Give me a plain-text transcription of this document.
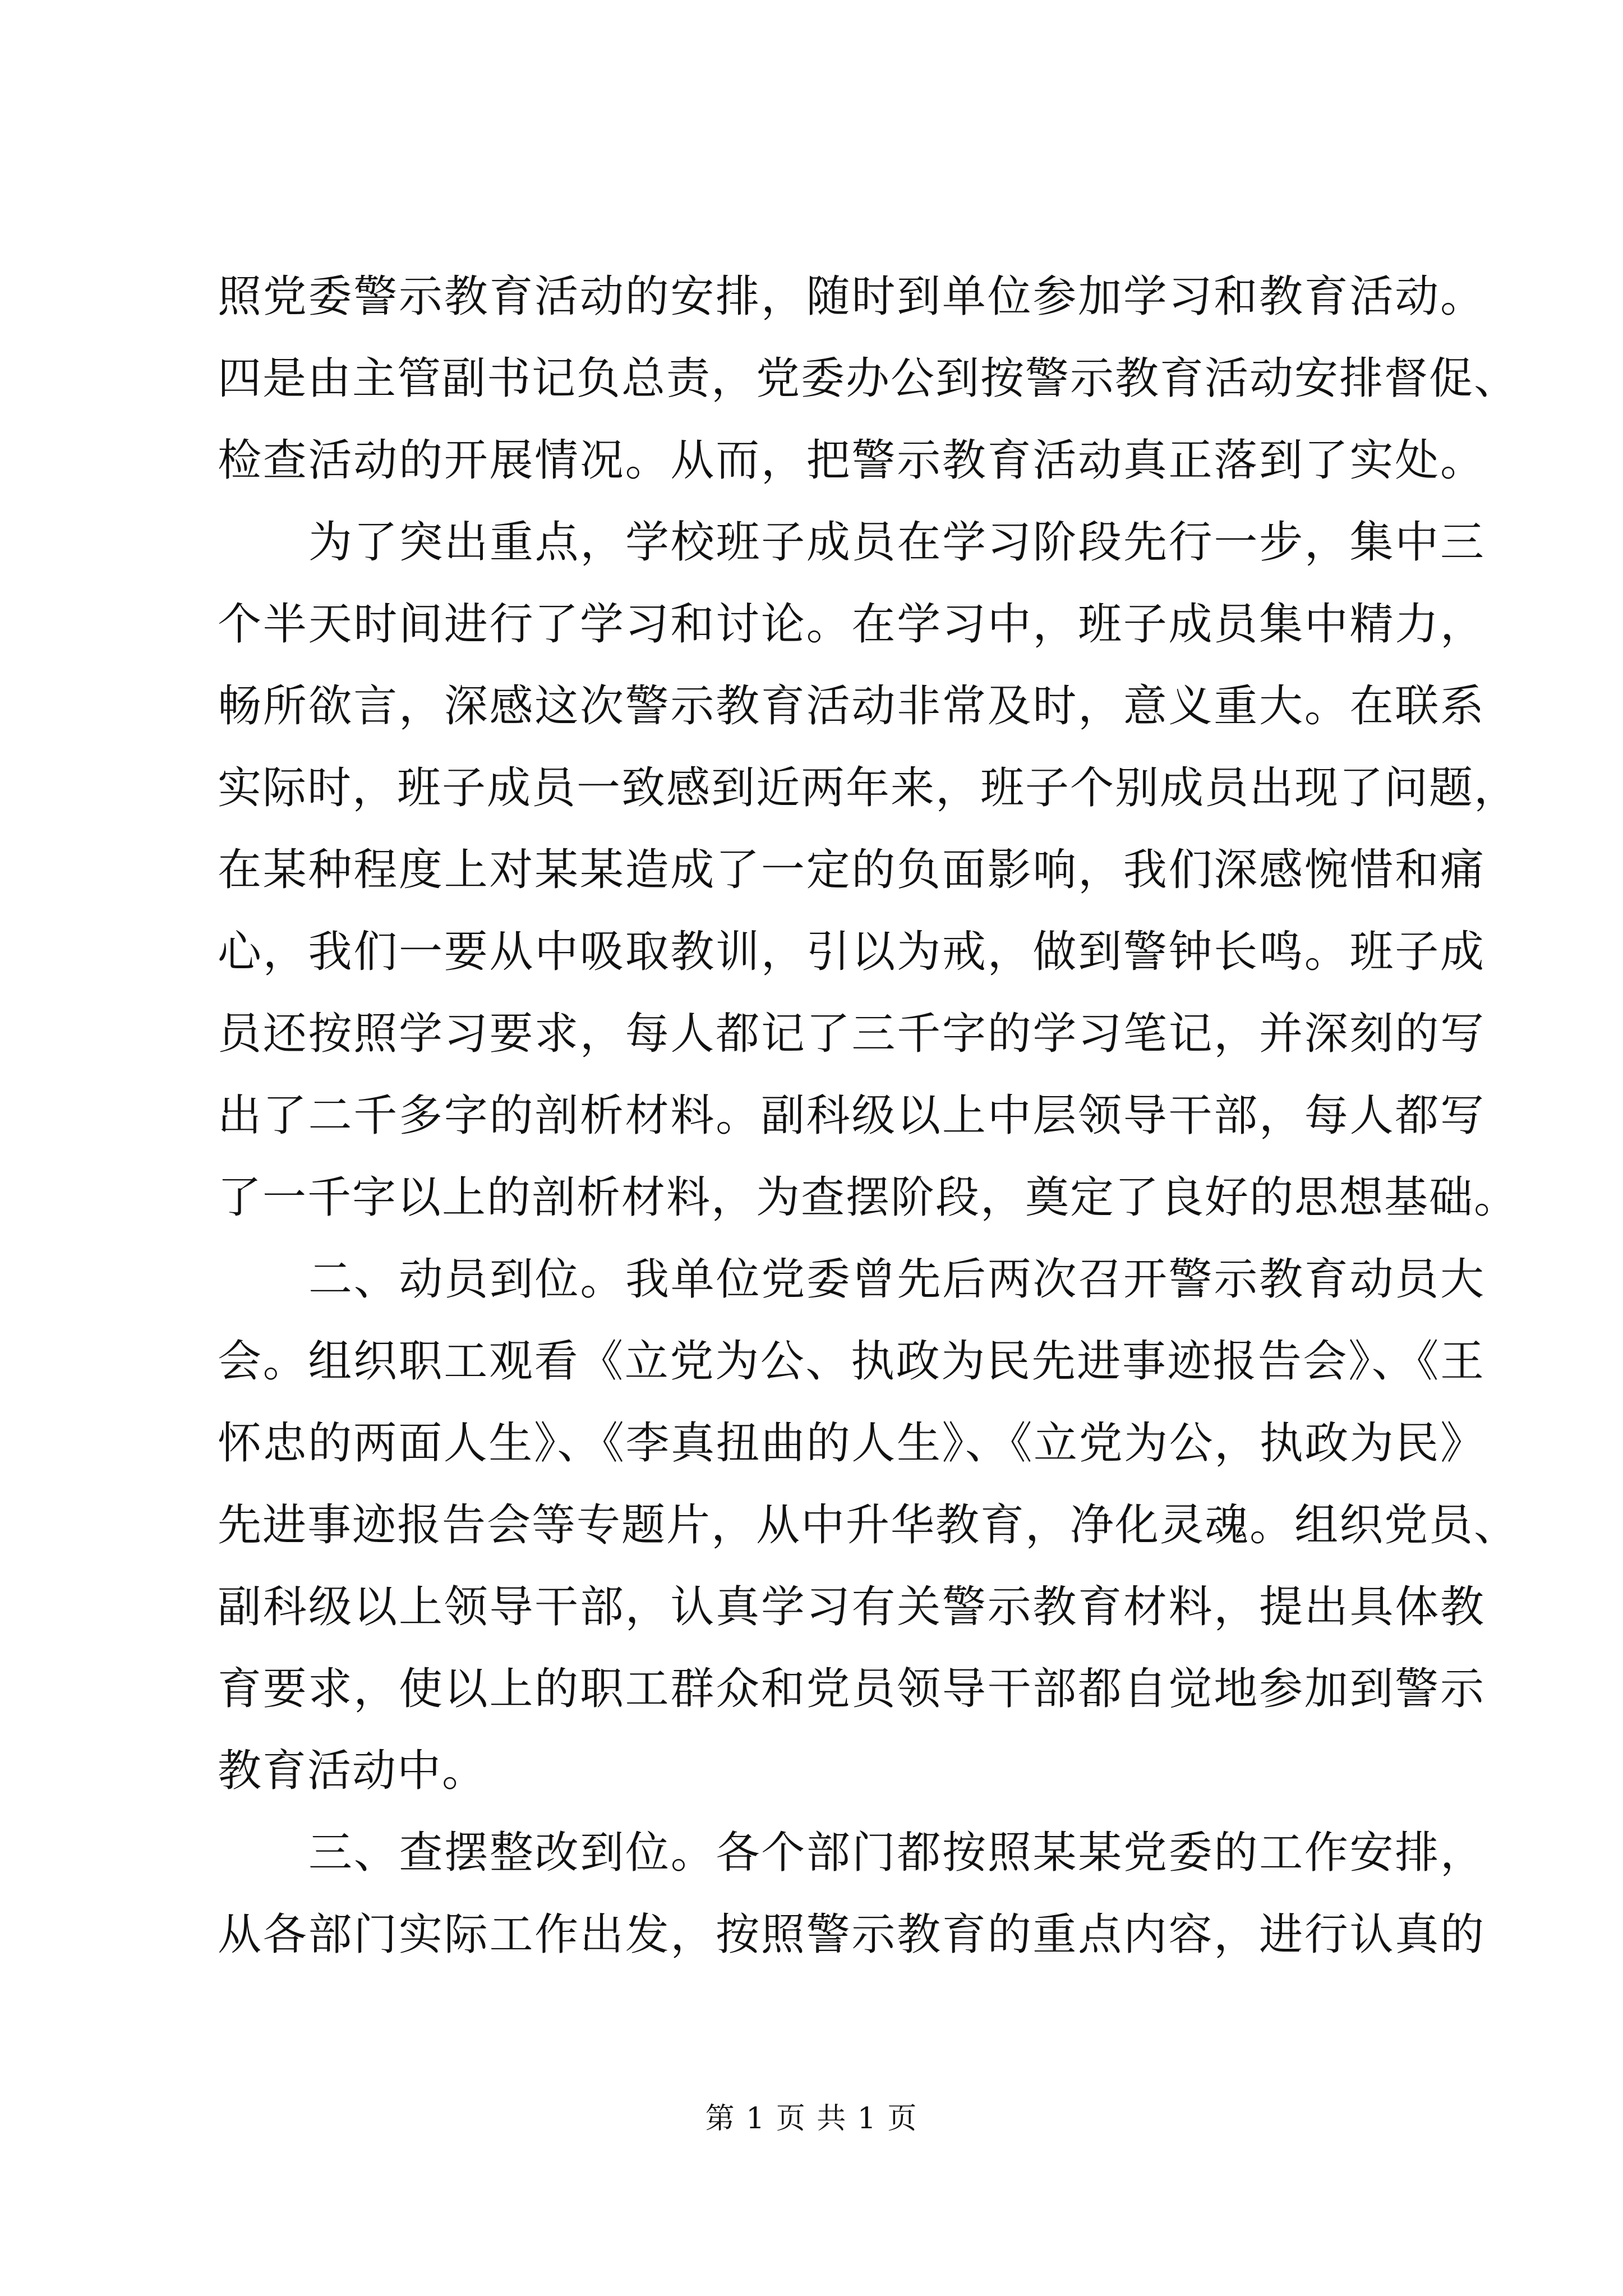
照党委警示教育活动的安排，随时到单位参加学习和教育活动。
四是由主管副书记负总责，党委办公到按警示教育活动安排督促、
检查活动的开展情况。从而，把警示教育活动真正落到了实处。
为了突出重点，学校班子成员在学习阶段先行一步，集中三
个半天时间进行了学习和讨论。在学习中，班子成员集中精力，
畅所欲言，深感这次警示教育活动非常及时，意义重大。在联系
实际时，班子成员一致感到近两年来，班子个别成员出现了问题，
在某种程度上对某某造成了一定的负面影响，我们深感惋惜和痛
心，我们一要从中吸取教训，引以为戒，做到警钟长鸣。班子成
员还按照学习要求，每人都记了三千字的学习笔记，并深刻的写
出了二千多字的剖析材料。副科级以上中层领导干部，每人都写
了一千字以上的剖析材料，为查摆阶段，奠定了良好的思想基础。
二、动员到位。我单位党委曾先后两次召开警示教育动员大
会。组织职工观看《立党为公、执政为民先进事迹报告会》、《王
怀忠的两面人生》、《李真扭曲的人生》、《立党为公，执政为民》
先进事迹报告会等专题片，从中升华教育，净化灵魂。组织党员、
副科级以上领导干部，认真学习有关警示教育材料，提出具体教
育要求，使以上的职工群众和党员领导干部都自觉地参加到警示
教育活动中。
三、查摆整改到位。各个部门都按照某某党委的工作安排，
从各部门实际工作出发，按照警示教育的重点内容，进行认真的
第 1 页 共 1 页
